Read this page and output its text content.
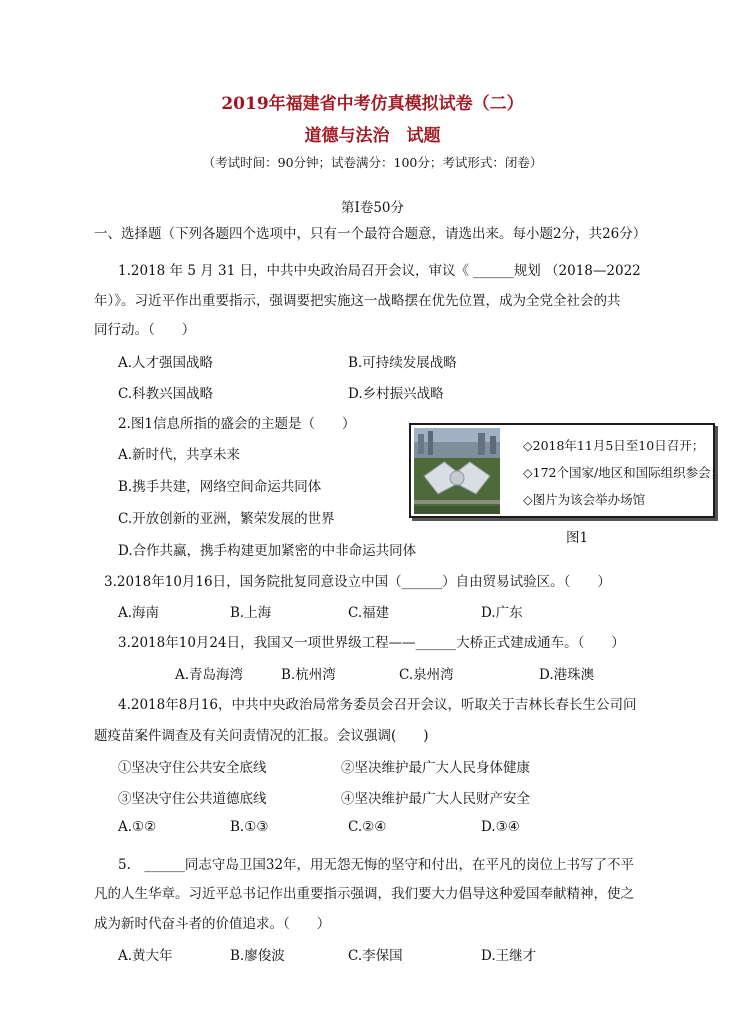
2019年福建省中考仿真模拟试卷（二）
道德与法治　试题
（考试时间：90分钟；试卷满分：100分；考试形式：闭卷）
第Ⅰ卷50分
一、选择题（下列各题四个选项中，只有一个最符合题意，请选出来。每小题2分，共26分）
1.2018 年 5 月 31 日，中共中央政治局召开会议，审议《 ______规划 （2018—2022
年）》。习近平作出重要指示，强调要把实施这一战略摆在优先位置，成为全党全社会的共
同行动。（　　）
A.人才强国战略	B.可持续发展战略
C.科教兴国战略	D.乡村振兴战略
2.图1信息所指的盛会的主题是（　　）
A.新时代，共享未来
B.携手共建，网络空间命运共同体
C.开放创新的亚洲，繁荣发展的世界
D.合作共赢，携手构建更加紧密的中非命运共同体
◇2018年11月5日至10日召开；
◇172个国家/地区和国际组织参会；
◇图片为该会举办场馆
图1
3.2018年10月16日，国务院批复同意设立中国（______）自由贸易试验区。（　　）
A.海南	B.上海	C.福建	D.广东
3.2018年10月24日，我国又一项世界级工程——______大桥正式建成通车。（　　）
A.青岛海湾	B.杭州湾	C.泉州湾	D.港珠澳
4.2018年8月16，中共中央政治局常务委员会召开会议，听取关于吉林长春长生公司问
题疫苗案件调查及有关问责情况的汇报。会议强调(　　)
①坚决守住公共安全底线	②坚决维护最广大人民身体健康
③坚决守住公共道德底线	④坚决维护最广大人民财产安全
A.①②	B.①③	C.②④	D.③④
5.　______同志守岛卫国32年，用无怨无悔的坚守和付出，在平凡的岗位上书写了不平
凡的人生华章。习近平总书记作出重要指示强调，我们要大力倡导这种爱国奉献精神，使之
成为新时代奋斗者的价值追求。（　　）
A.黄大年	B.廖俊波	C.李保国	D.王继才
